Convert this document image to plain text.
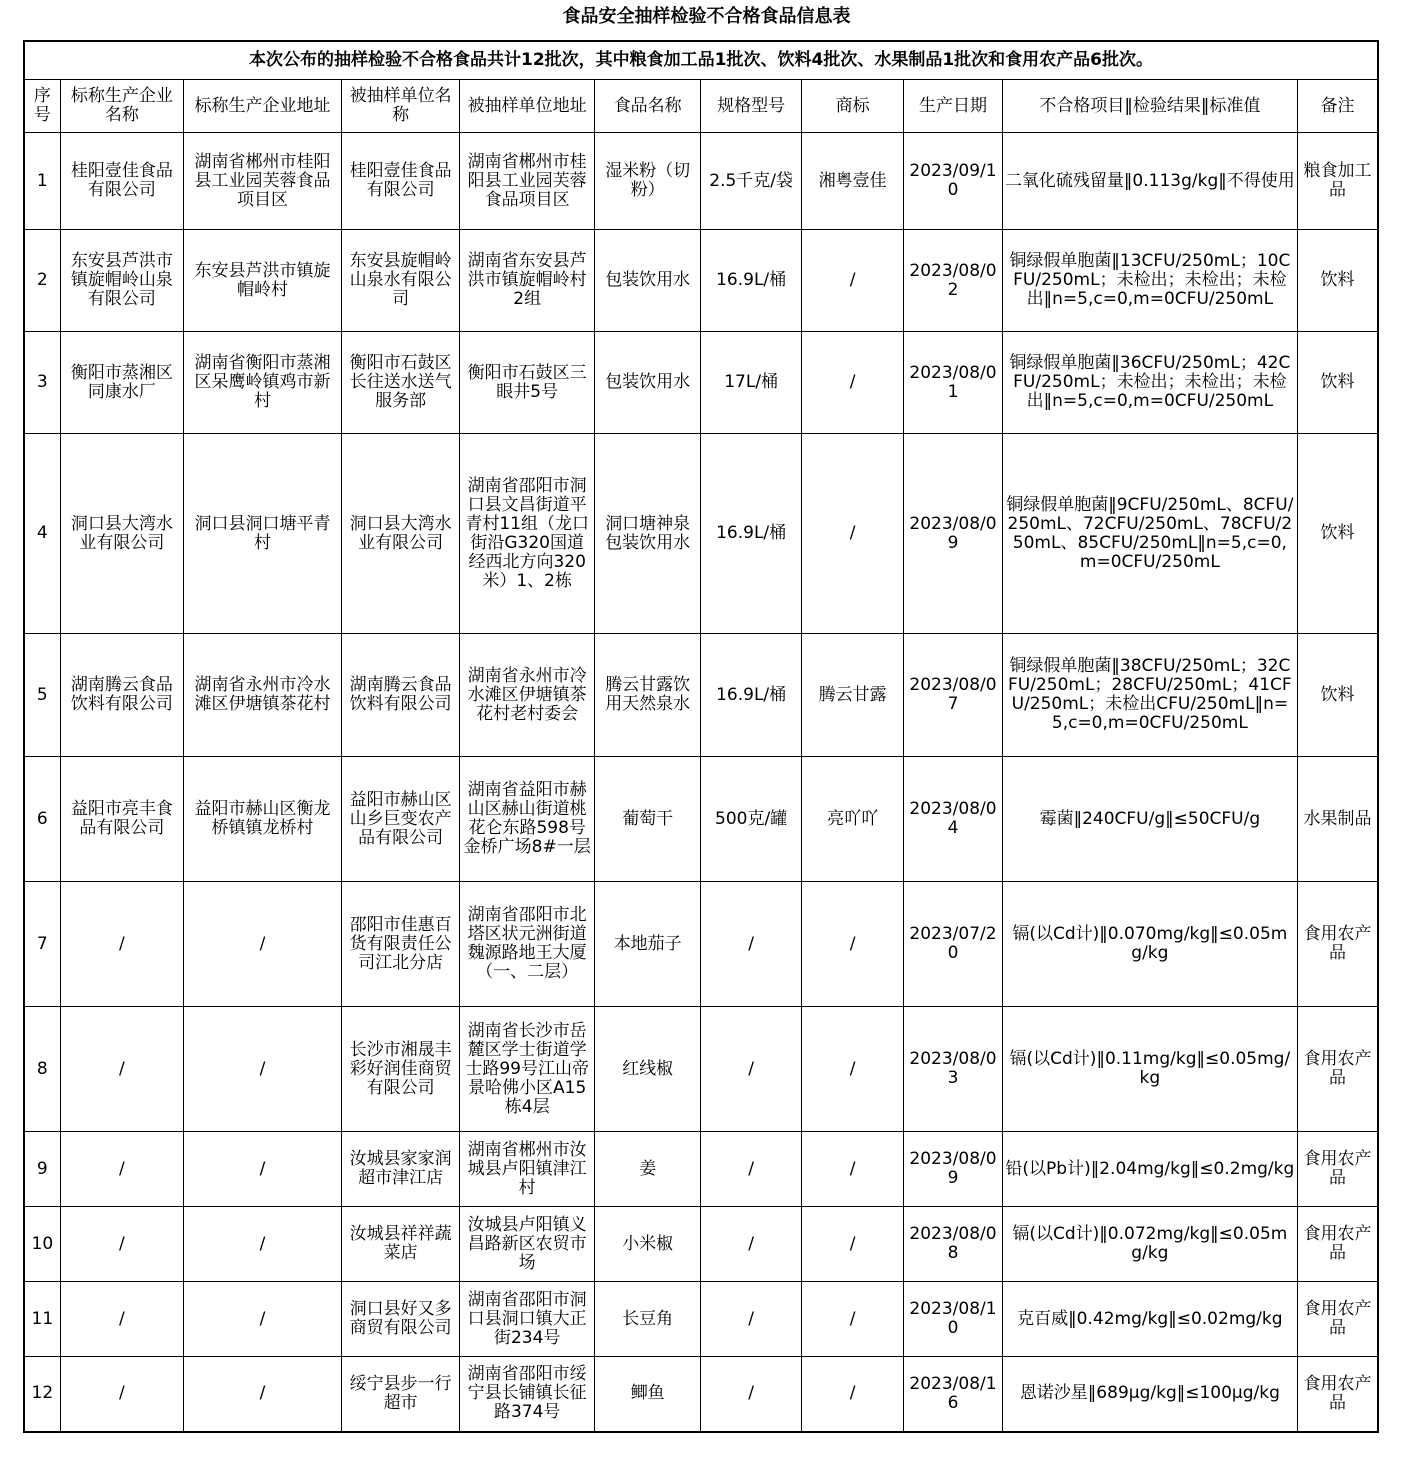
食品安全抽样检验不合格食品信息表
本次公布的抽样检验不合格食品共计12批次，其中粮食加工品1批次、饮料4批次、水果制品1批次和食用农产品6批次。										
序号	标称生产企业名称	标称生产企业地址	被抽样单位名称	被抽样单位地址	食品名称	规格型号	商标	生产日期	不合格项目‖检验结果‖标准值	备注
1	桂阳壹佳食品有限公司	湖南省郴州市桂阳县工业园芙蓉食品项目区	桂阳壹佳食品有限公司	湖南省郴州市桂阳县工业园芙蓉食品项目区	湿米粉（切粉）	2.5千克/袋	湘粤壹佳	2023/09/10	二氧化硫残留量‖0.113g/kg‖不得使用	粮食加工品
2	东安县芦洪市镇旋帽岭山泉有限公司	东安县芦洪市镇旋帽岭村	东安县旋帽岭山泉水有限公司	湖南省东安县芦洪市镇旋帽岭村2组	包装饮用水	16.9L/桶	/	2023/08/02	铜绿假单胞菌‖13CFU/250mL；10CFU/250mL；未检出；未检出；未检出‖n=5,c=0,m=0CFU/250mL	饮料
3	衡阳市蒸湘区同康水厂	湖南省衡阳市蒸湘区呆鹰岭镇鸡市新村	衡阳市石鼓区长往送水送气服务部	衡阳市石鼓区三眼井5号	包装饮用水	17L/桶	/	2023/08/01	铜绿假单胞菌‖36CFU/250mL；42CFU/250mL；未检出；未检出；未检出‖n=5,c=0,m=0CFU/250mL	饮料
4	洞口县大湾水业有限公司	洞口县洞口塘平青村	洞口县大湾水业有限公司	湖南省邵阳市洞口县文昌街道平青村11组（龙口街沿G320国道经西北方向320米）1、2栋	洞口塘神泉包装饮用水	16.9L/桶	/	2023/08/09	铜绿假单胞菌‖9CFU/250mL、8CFU/250mL、72CFU/250mL、78CFU/250mL、85CFU/250mL‖n=5,c=0,m=0CFU/250mL	饮料
5	湖南腾云食品饮料有限公司	湖南省永州市冷水滩区伊塘镇茶花村	湖南腾云食品饮料有限公司	湖南省永州市冷水滩区伊塘镇茶花村老村委会	腾云甘露饮用天然泉水	16.9L/桶	腾云甘露	2023/08/07	铜绿假单胞菌‖38CFU/250mL；32CFU/250mL；28CFU/250mL；41CFU/250mL；未检出CFU/250mL‖n=5,c=0,m=0CFU/250mL	饮料
6	益阳市亮丰食品有限公司	益阳市赫山区衡龙桥镇镇龙桥村	益阳市赫山区山乡巨变农产品有限公司	湖南省益阳市赫山区赫山街道桃花仑东路598号金桥广场8#一层	葡萄干	500克/罐	亮吖吖	2023/08/04	霉菌‖240CFU/g‖≤50CFU/g	水果制品
7	/	/	邵阳市佳惠百货有限责任公司江北分店	湖南省邵阳市北塔区状元洲街道魏源路地王大厦（一、二层）	本地茄子	/	/	2023/07/20	镉(以Cd计)‖0.070mg/kg‖≤0.05mg/kg	食用农产品
8	/	/	长沙市湘晟丰彩好润佳商贸有限公司	湖南省长沙市岳麓区学士街道学士路99号江山帝景哈佛小区A15栋4层	红线椒	/	/	2023/08/03	镉(以Cd计)‖0.11mg/kg‖≤0.05mg/kg	食用农产品
9	/	/	汝城县家家润超市津江店	湖南省郴州市汝城县卢阳镇津江村	姜	/	/	2023/08/09	铅(以Pb计)‖2.04mg/kg‖≤0.2mg/kg	食用农产品
10	/	/	汝城县祥祥蔬菜店	汝城县卢阳镇义昌路新区农贸市场	小米椒	/	/	2023/08/08	镉(以Cd计)‖0.072mg/kg‖≤0.05mg/kg	食用农产品
11	/	/	洞口县好又多商贸有限公司	湖南省邵阳市洞口县洞口镇大正街234号	长豆角	/	/	2023/08/10	克百威‖0.42mg/kg‖≤0.02mg/kg	食用农产品
12	/	/	绥宁县步一行超市	湖南省邵阳市绥宁县长铺镇长征路374号	鲫鱼	/	/	2023/08/16	恩诺沙星‖689μg/kg‖≤100μg/kg	食用农产品
